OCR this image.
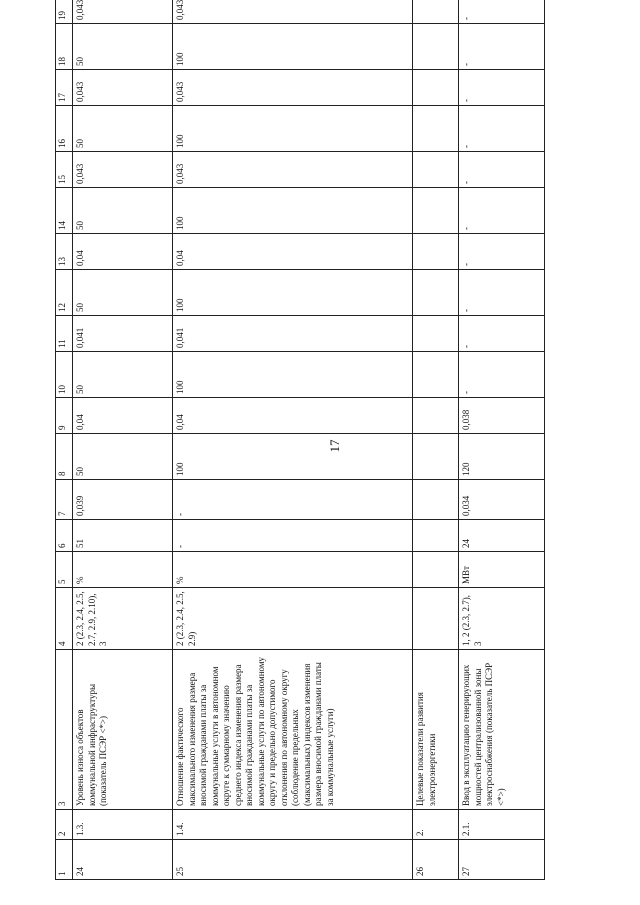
17
1	2	3	4	5	6	7	8	9	10	11	12	13	14	15	16	17	18	19
24	1.3.	Уровень износа объектов коммунальной инфраструктуры (показатель ПСЭР <*>)	2 (2.3, 2.4, 2.5, 2.7, 2.9, 2.10), 3	%	51	0,039	50	0,04	50	0,041	50	0,04	50	0,043	50	0,043	50	0,043
25	1.4.	Отношение фактического максимального изменения размера вносимой гражданами платы за коммунальные услуги в автономном округе к суммарному значению среднего индекса изменения размера вносимой гражданами платы за коммунальные услуги по автономному округу и предельно допустимого отклонения по автономному округу (соблюдение предельных (максимальных) индексов изменения размера вносимой гражданами платы за коммунальные услуги)	2 (2.3, 2.4, 2.5, 2.9)	%	-	-	100	0,04	100	0,041	100	0,04	100	0,043	100	0,043	100	0,043
26	2.	Целевые показатели развития электроэнергетики																
27	2.1.	Ввод в эксплуатацию генерирующих мощностей централизованной зоны электроснабжения (показатель ПСЭР <*>)	1, 2 (2.3, 2.7), 3	МВт	24	0,034	120	0,038	-	-	-	-	-	-	-	-	-	-
